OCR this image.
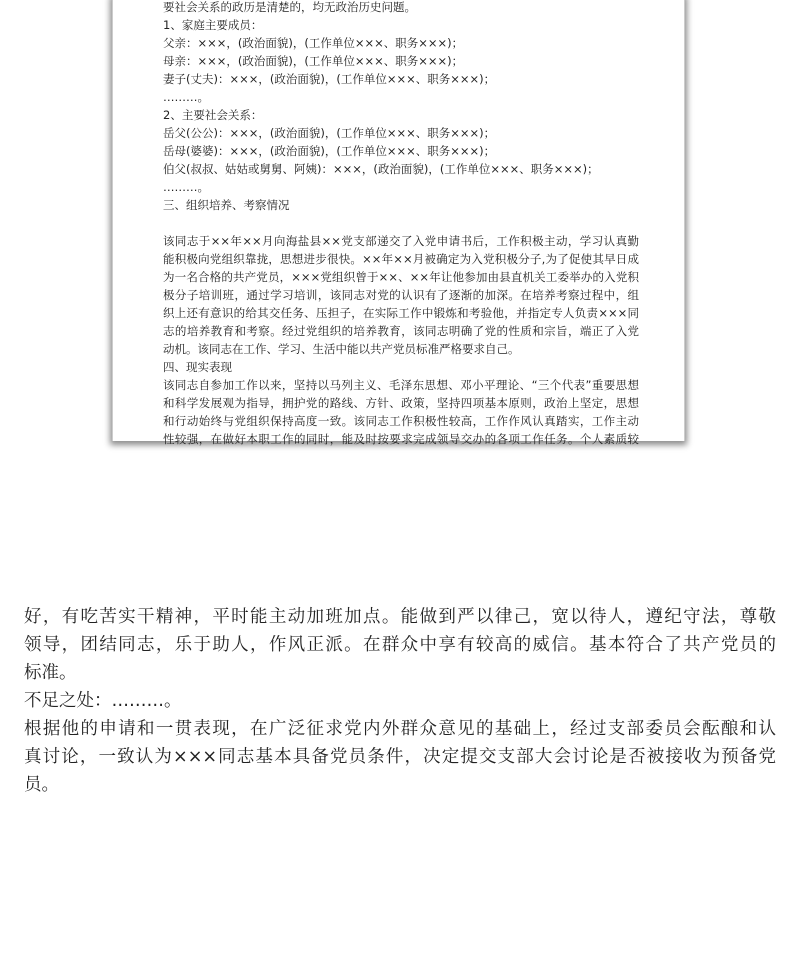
要社会关系的政历是清楚的，均无政治历史问题。
1、家庭主要成员：
父亲：×××，(政治面貌)，(工作单位×××、职务×××)；
母亲：×××，(政治面貌)，(工作单位×××、职务×××)；
妻子(丈夫)：×××，(政治面貌)，(工作单位×××、职务×××)；
………。
2、主要社会关系：
岳父(公公)：×××，(政治面貌)，(工作单位×××、职务×××)；
岳母(婆婆)：×××，(政治面貌)，(工作单位×××、职务×××)；
伯父(叔叔、姑姑或舅舅、阿姨)：×××，(政治面貌)，(工作单位×××、职务×××)；
………。
三、组织培养、考察情况
该同志于××年××月向海盐县××党支部递交了入党申请书后，工作积极主动，学习认真勤
能积极向党组织靠拢，思想进步很快。××年××月被确定为入党积极分子,为了促使其早日成
为一名合格的共产党员，×××党组织曾于××、××年让他参加由县直机关工委举办的入党积
极分子培训班，通过学习培训，该同志对党的认识有了逐渐的加深。在培养考察过程中，组
织上还有意识的给其交任务、压担子，在实际工作中锻炼和考验他，并指定专人负责×××同
志的培养教育和考察。经过党组织的培养教育，该同志明确了党的性质和宗旨，端正了入党
动机。该同志在工作、学习、生活中能以共产党员标准严格要求自己。
四、现实表现
该同志自参加工作以来，坚持以马列主义、毛泽东思想、邓小平理论、“三个代表”重要思想
和科学发展观为指导，拥护党的路线、方针、政策，坚持四项基本原则，政治上坚定，思想
和行动始终与党组织保持高度一致。该同志工作积极性较高，工作作风认真踏实，工作主动
性较强，在做好本职工作的同时，能及时按要求完成领导交办的各项工作任务。个人素质较
好，有吃苦实干精神，平时能主动加班加点。能做到严以律己，宽以待人，遵纪守法，尊敬
领导，团结同志，乐于助人，作风正派。在群众中享有较高的威信。基本符合了共产党员的
标准。
不足之处：………。
根据他的申请和一贯表现，在广泛征求党内外群众意见的基础上，经过支部委员会酝酿和认
真讨论，一致认为×××同志基本具备党员条件，决定提交支部大会讨论是否被接收为预备党
员。
